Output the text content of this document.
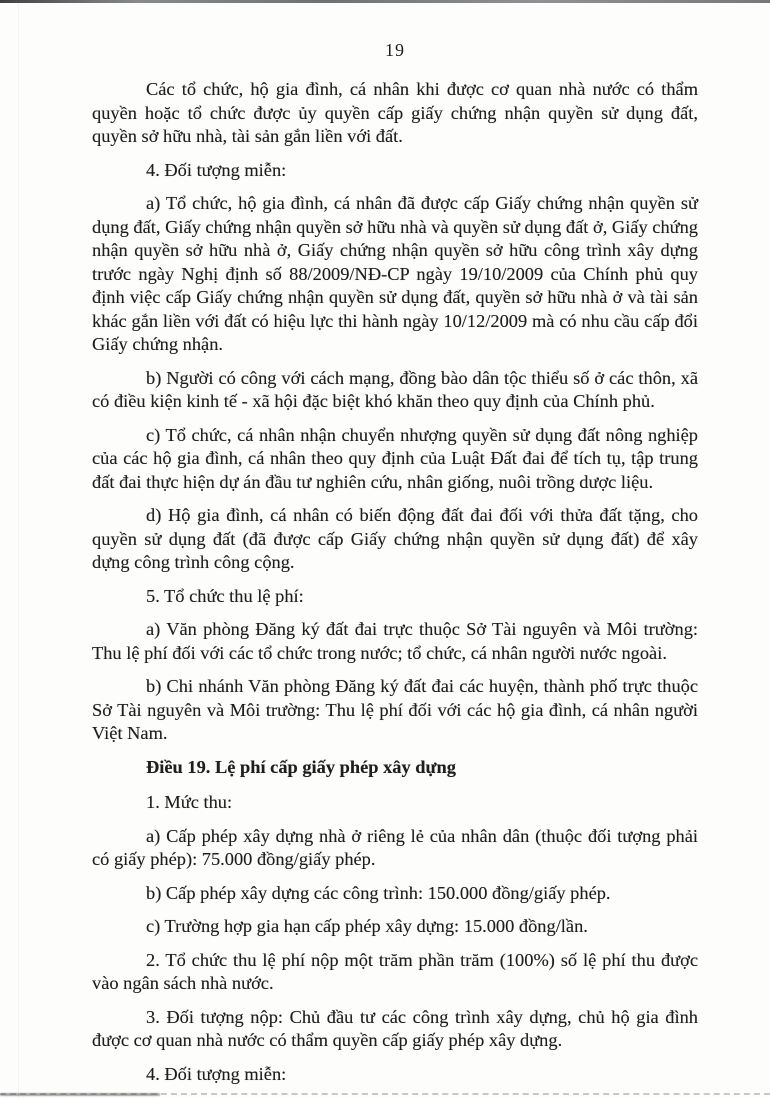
19

Các tổ chức, hộ gia đình, cá nhân khi được cơ quan nhà nước có thẩm quyền hoặc tổ chức được ủy quyền cấp giấy chứng nhận quyền sử dụng đất, quyền sở hữu nhà, tài sản gắn liền với đất.

4. Đối tượng miễn:

a) Tổ chức, hộ gia đình, cá nhân đã được cấp Giấy chứng nhận quyền sử dụng đất, Giấy chứng nhận quyền sở hữu nhà và quyền sử dụng đất ở, Giấy chứng nhận quyền sở hữu nhà ở, Giấy chứng nhận quyền sở hữu công trình xây dựng trước ngày Nghị định số 88/2009/NĐ-CP ngày 19/10/2009 của Chính phủ quy định việc cấp Giấy chứng nhận quyền sử dụng đất, quyền sở hữu nhà ở và tài sản khác gắn liền với đất có hiệu lực thi hành ngày 10/12/2009 mà có nhu cầu cấp đổi Giấy chứng nhận.

b) Người có công với cách mạng, đồng bào dân tộc thiểu số ở các thôn, xã có điều kiện kinh tế - xã hội đặc biệt khó khăn theo quy định của Chính phủ.

c) Tổ chức, cá nhân nhận chuyển nhượng quyền sử dụng đất nông nghiệp của các hộ gia đình, cá nhân theo quy định của Luật Đất đai để tích tụ, tập trung đất đai thực hiện dự án đầu tư nghiên cứu, nhân giống, nuôi trồng dược liệu.

d) Hộ gia đình, cá nhân có biến động đất đai đối với thửa đất tặng, cho quyền sử dụng đất (đã được cấp Giấy chứng nhận quyền sử dụng đất) để xây dựng công trình công cộng.

5. Tổ chức thu lệ phí:

a) Văn phòng Đăng ký đất đai trực thuộc Sở Tài nguyên và Môi trường: Thu lệ phí đối với các tổ chức trong nước; tổ chức, cá nhân người nước ngoài.

b) Chi nhánh Văn phòng Đăng ký đất đai các huyện, thành phố trực thuộc Sở Tài nguyên và Môi trường: Thu lệ phí đối với các hộ gia đình, cá nhân người Việt Nam.

Điều 19. Lệ phí cấp giấy phép xây dựng

1. Mức thu:

a) Cấp phép xây dựng nhà ở riêng lẻ của nhân dân (thuộc đối tượng phải có giấy phép): 75.000 đồng/giấy phép.

b) Cấp phép xây dựng các công trình: 150.000 đồng/giấy phép.

c) Trường hợp gia hạn cấp phép xây dựng: 15.000 đồng/lần.

2. Tổ chức thu lệ phí nộp một trăm phần trăm (100%) số lệ phí thu được vào ngân sách nhà nước.

3. Đối tượng nộp: Chủ đầu tư các công trình xây dựng, chủ hộ gia đình được cơ quan nhà nước có thẩm quyền cấp giấy phép xây dựng.

4. Đối tượng miễn:
